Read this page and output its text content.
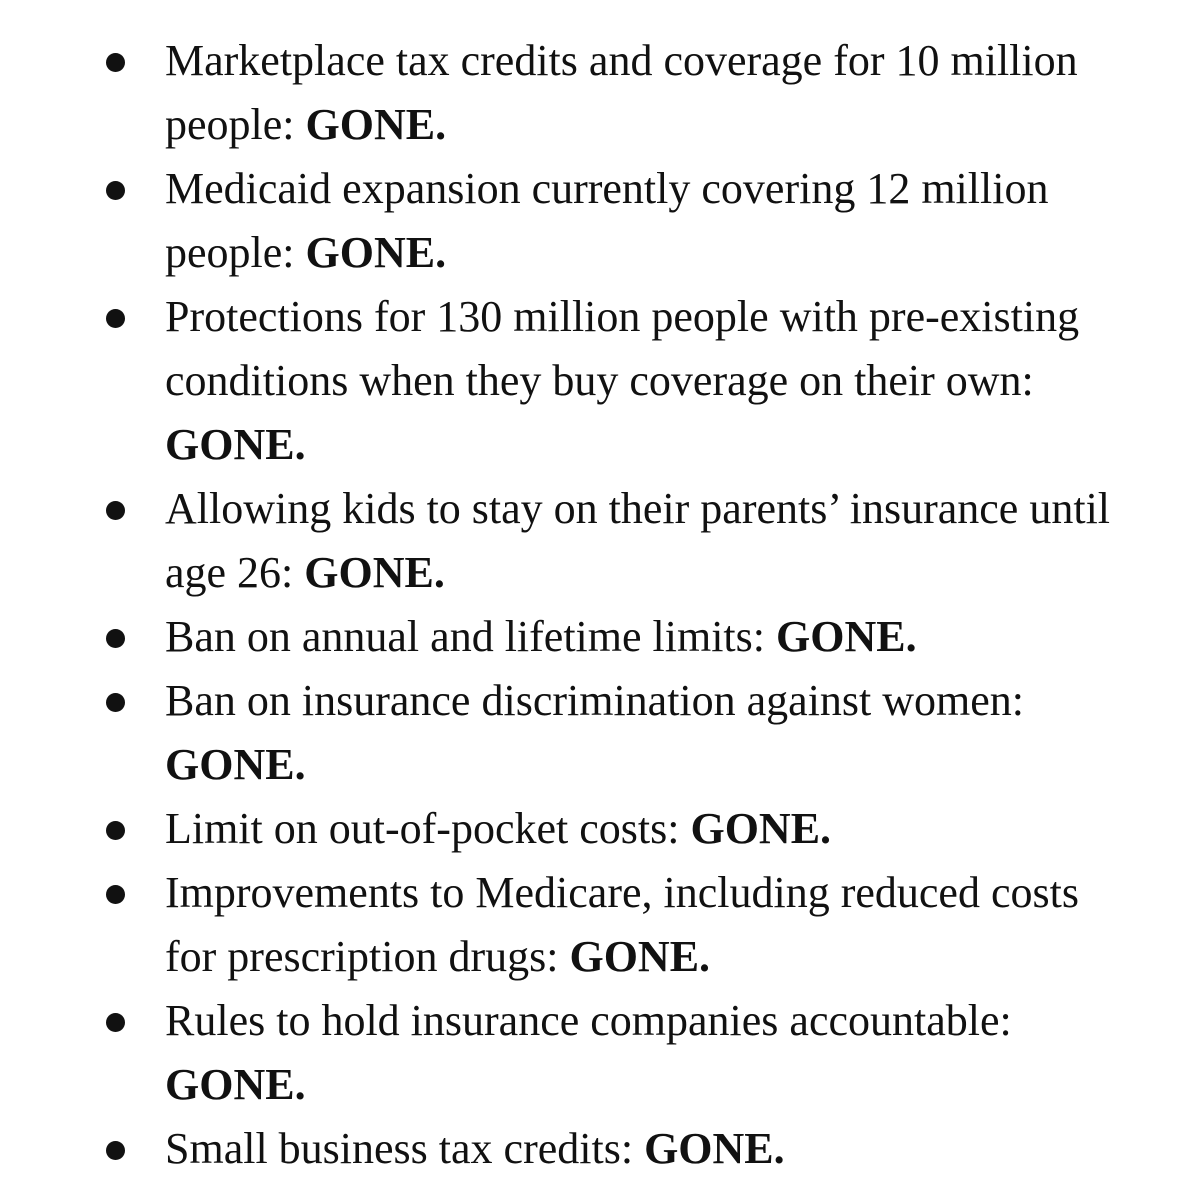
Marketplace tax credits and coverage for 10 million people: GONE.
Medicaid expansion currently covering 12 million people: GONE.
Protections for 130 million people with pre-existing conditions when they buy coverage on their own: GONE.
Allowing kids to stay on their parents’ insurance until age 26: GONE.
Ban on annual and lifetime limits: GONE.
Ban on insurance discrimination against women: GONE.
Limit on out-of-pocket costs: GONE.
Improvements to Medicare, including reduced costs for prescription drugs: GONE.
Rules to hold insurance companies accountable: GONE.
Small business tax credits: GONE.
